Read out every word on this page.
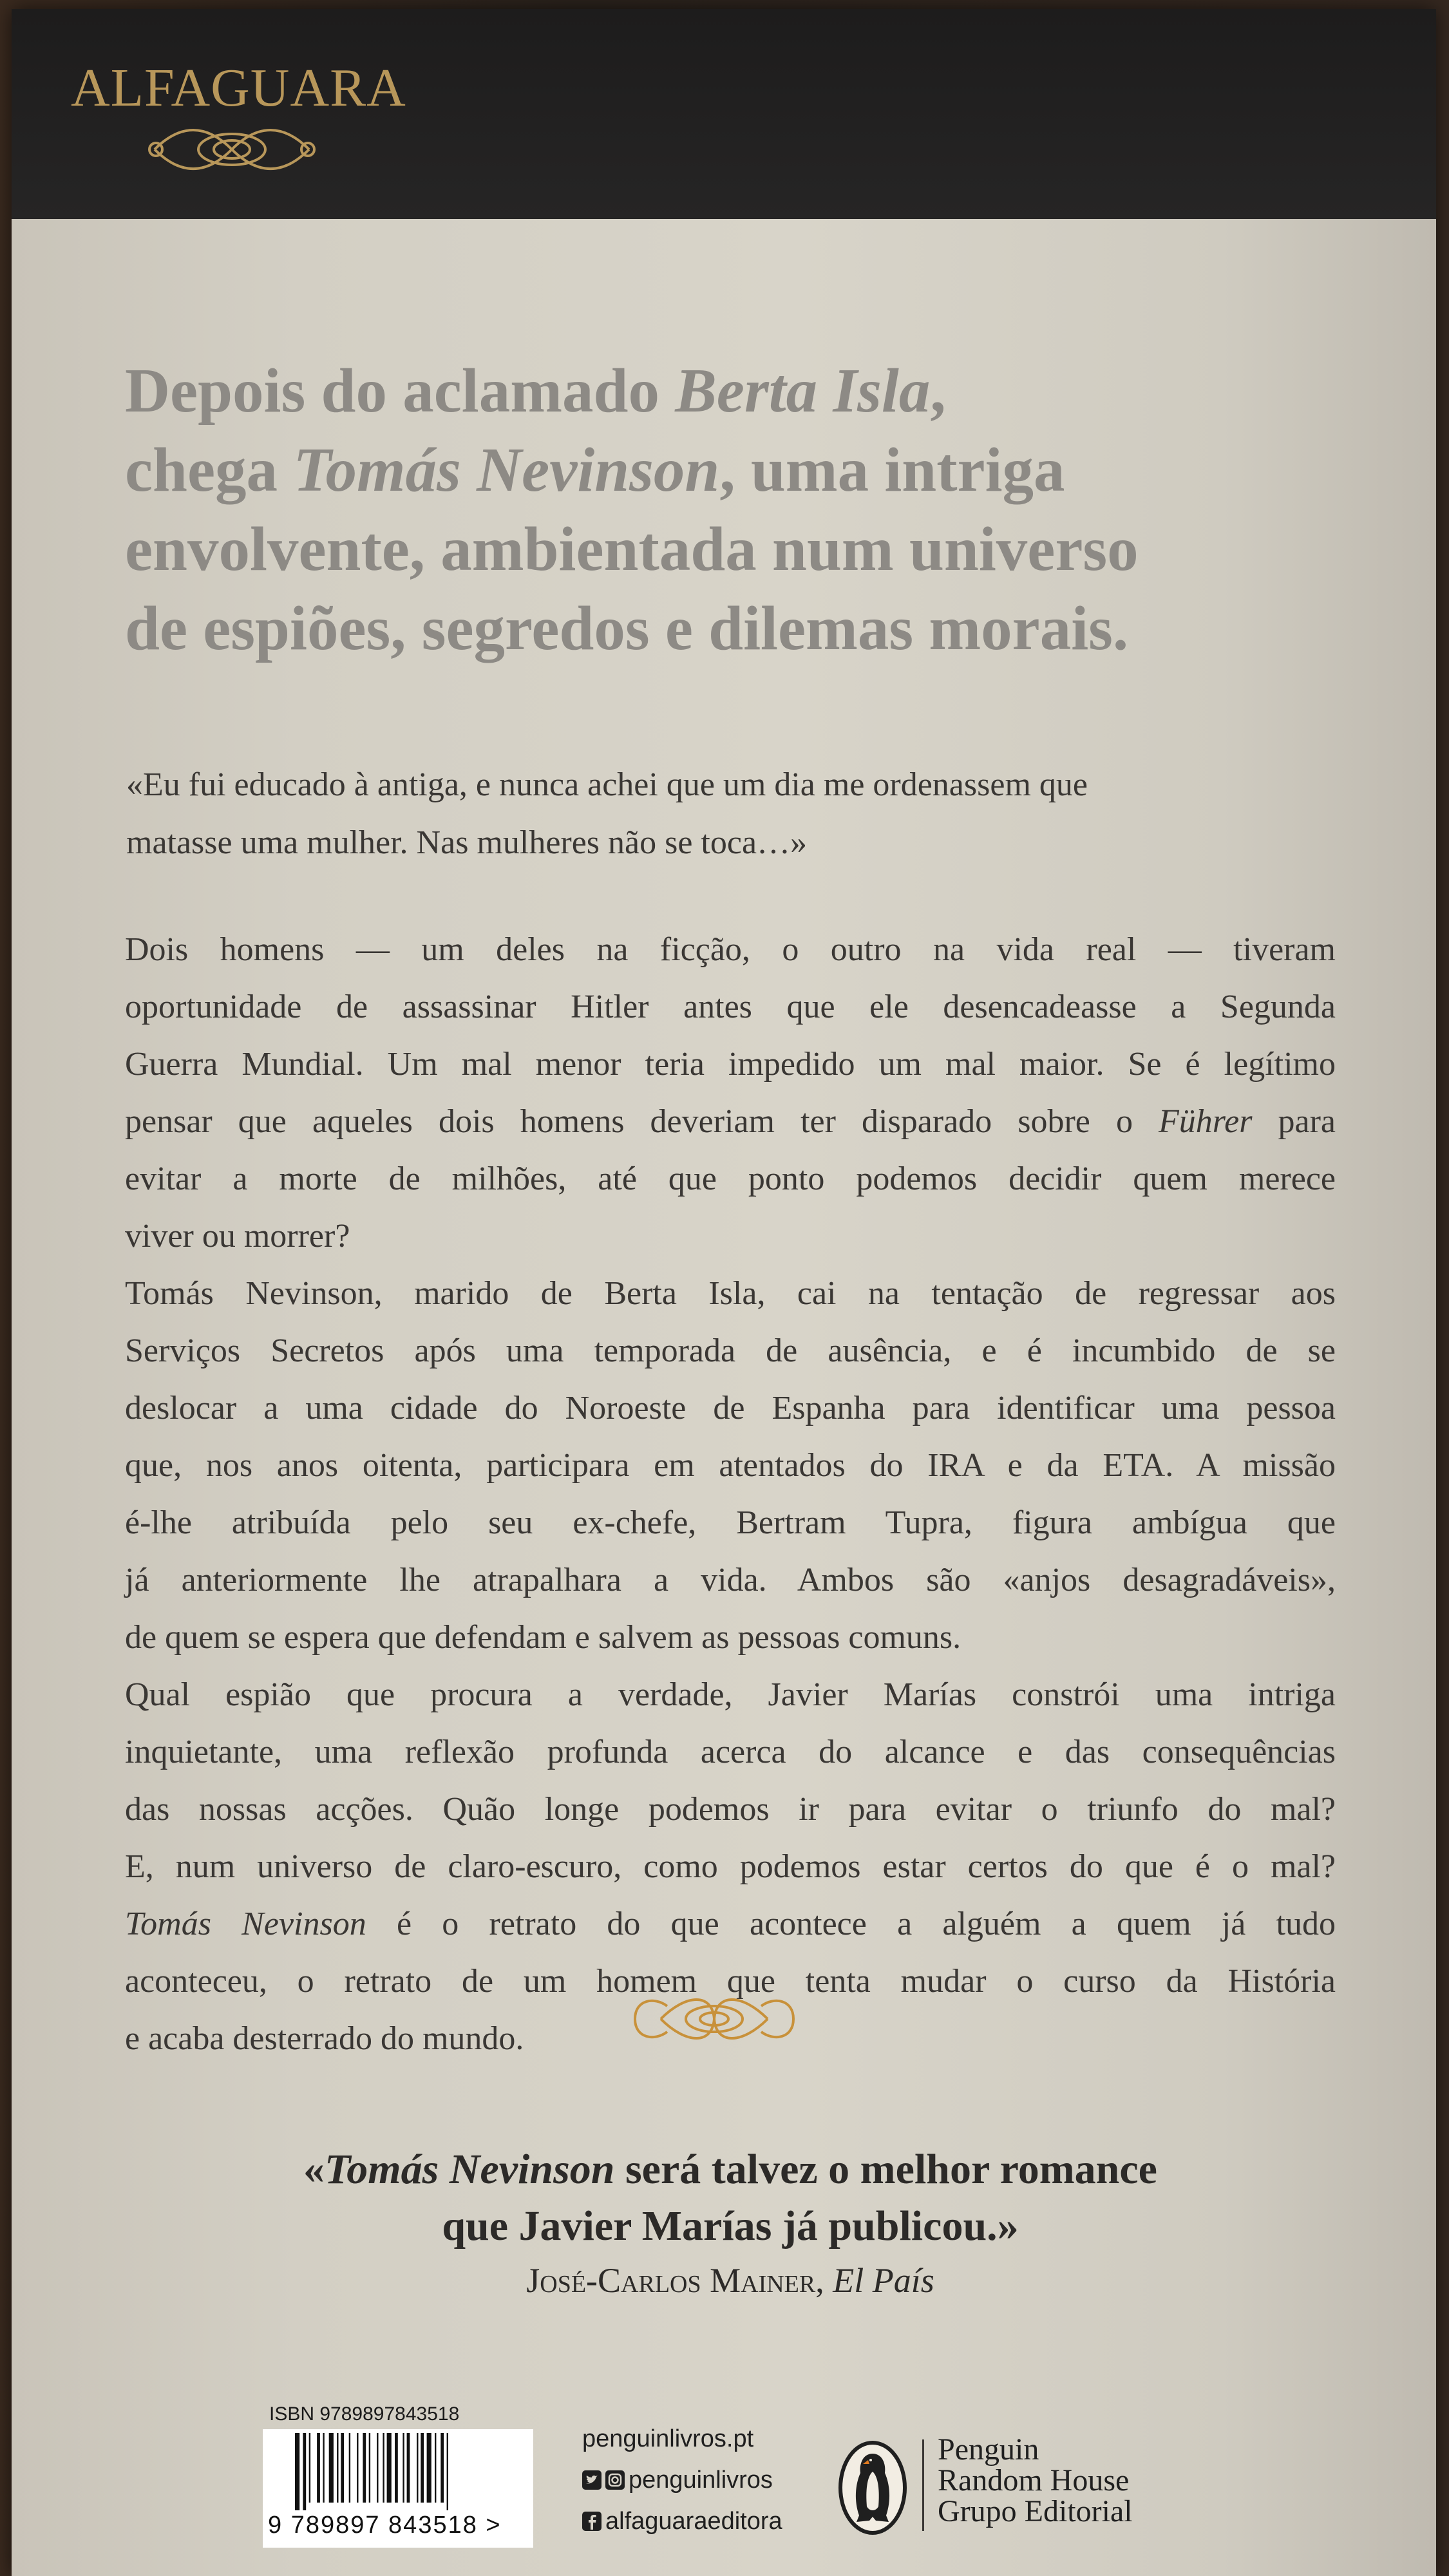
ALFAGUARA
Depois do aclamado Berta Isla,
chega Tomás Nevinson, uma intriga
envolvente, ambientada num universo
de espiões, segredos e dilemas morais.
«Eu fui educado à antiga, e nunca achei que um dia me ordenassem que
matasse uma mulher. Nas mulheres não se toca…»
Dois homens — um deles na ficção, o outro na vida real — tiveram
oportunidade de assassinar Hitler antes que ele desencadeasse a Segunda
Guerra Mundial. Um mal menor teria impedido um mal maior. Se é legítimo
pensar que aqueles dois homens deveriam ter disparado sobre o Führer para
evitar a morte de milhões, até que ponto podemos decidir quem merece
viver ou morrer?
Tomás Nevinson, marido de Berta Isla, cai na tentação de regressar aos
Serviços Secretos após uma temporada de ausência, e é incumbido de se
deslocar a uma cidade do Noroeste de Espanha para identificar uma pessoa
que, nos anos oitenta, participara em atentados do IRA e da ETA. A missão
é-lhe atribuída pelo seu ex-chefe, Bertram Tupra, figura ambígua que
já anteriormente lhe atrapalhara a vida. Ambos são «anjos desagradáveis»,
de quem se espera que defendam e salvem as pessoas comuns.
Qual espião que procura a verdade, Javier Marías constrói uma intriga
inquietante, uma reflexão profunda acerca do alcance e das consequências
das nossas acções. Quão longe podemos ir para evitar o triunfo do mal?
E, num universo de claro-escuro, como podemos estar certos do que é o mal?
Tomás Nevinson é o retrato do que acontece a alguém a quem já tudo
aconteceu, o retrato de um homem que tenta mudar o curso da História
e acaba desterrado do mundo.
«Tomás Nevinson será talvez o melhor romance
que Javier Marías já publicou.»
José-Carlos Mainer, El País
ISBN 9789897843518
9 789897 843518 >
penguinlivros.pt
penguinlivros
alfaguaraeditora
Penguin
Random House
Grupo Editorial
